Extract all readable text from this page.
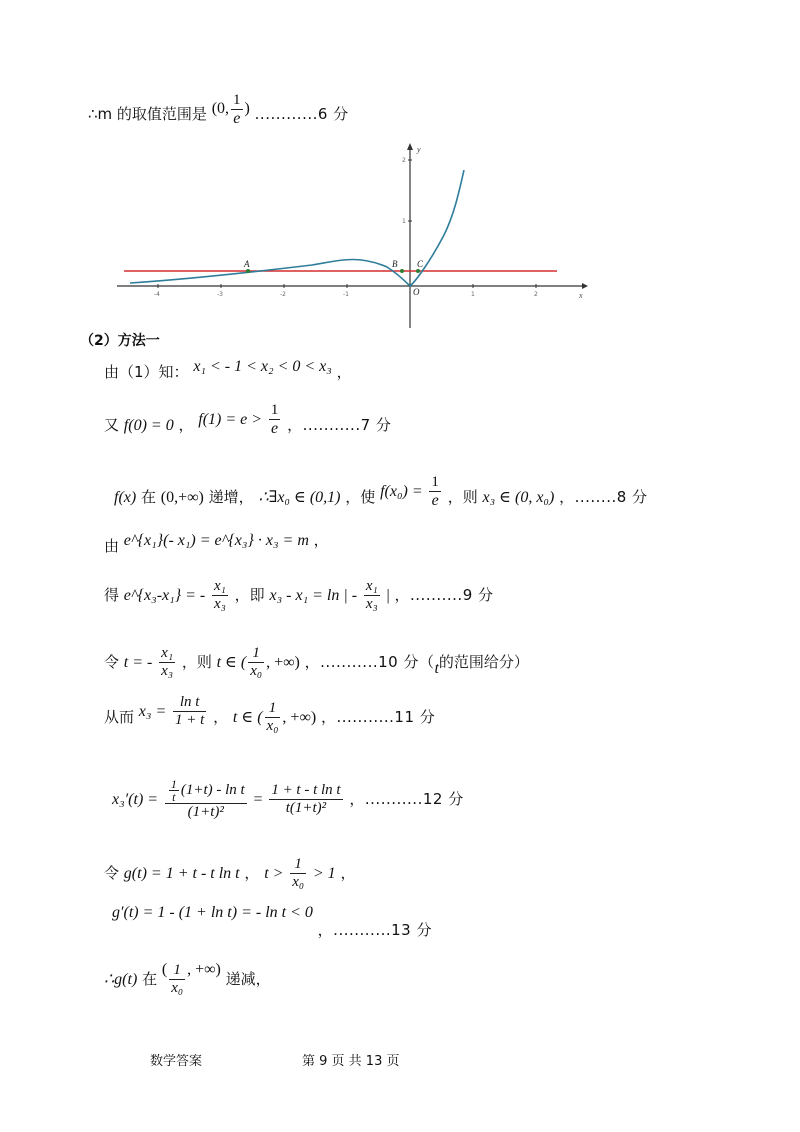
∴m 的取值范围是 (0, $\frac{1}{e}$ ) ............6 分
x
y
-4	-3	-2	-1	1	2
1
2
A	B C
O
（2）方法一
由（1）知： x₁ < - 1 < x₂ < 0 < x₃ ，
又 f(0) = 0 ， $f(1) = e > \frac{1}{e}$ ，...........7 分
f(x) 在 (0,+∞) 递增， ∴∃x₀ ∈ (0,1) ，使 $f(x_0) = \frac{1}{e}$ ，则 x₃ ∈ (0, x₀) ，........8 分
由 e^{x₁}(- x₁) = e^{x₃} · x₃ = m ，
得 e^{x₃-x₁} = - $\frac{\text{x₁}}{\text{x₃}}$ ，即 x₃ - x₁ = ln | - $\frac{\text{x₁}}{\text{x₃}}$ | ，..........9 分
令 t = - $\frac{\text{x₁}}{\text{x₃}}$ ，则 t ∈ ( $\frac{1}{\text{x₀}}$ , +∞) ，...........10 分（t的范围给分）
从而 $x_3 = \frac{\text{ln t}}{1 + t}$ ， t ∈ ( $\frac{1}{\text{x₀}}$ , +∞) ，...........11 分
$x_3'(t) = \frac{\frac{1}{t} (1+t) - \ln t}{\text{(1+t)²}} = \frac{\text{1 + t - t ln t}}{\text{t(1+t)²}}$ ，...........12 分
令 g(t) = 1 + t - t ln t ， $t > \frac{1}{\text{x₀}} > 1$ ，
g′(t) = 1 - (1 + ln t) = - ln t < 0 ，...........13 分
∴g(t) 在 ( $\frac{1}{\text{x₀}}$ , +∞) 递减，
数学答案	第 9 页 共 13 页
